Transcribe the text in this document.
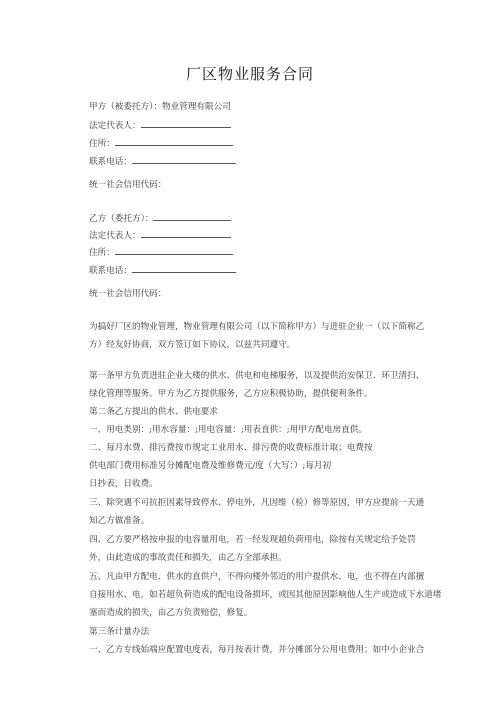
厂区物业服务合同
甲方（被委托方）：物业管理有限公司
法定代表人：
住所：
联系电话：
统一社会信用代码：
乙方（委托方）：
法定代表人：
住所：
联系电话：
统一社会信用代码：
为搞好厂区的物业管理，物业管理有限公司（以下简称甲方）与进驻企业一（以下简称乙
方）经友好协商，双方签订如下协议，以兹共同遵守。
第一条甲方负责进驻企业大楼的供水、供电和电梯服务，以及提供治安保卫、环卫清扫、
绿化管理等服务。甲方为乙方提供服务，乙方应积极协助，提供便利条件。
第二条乙方提出的供水、供电要求
一、用电类别：;用水容量：;用电容量：;用表直供：;用甲方配电房直供。
二、每月水费、排污费按市规定工业用水、排污费的收费标准计取；电费按
供电部门费用标准另分摊配电费及维修费元/度（大写：）;每月初
日抄表，日收费。
三、除突遇不可抗拒因素导致停水、停电外，凡因维（检）修等原因，甲方应提前一天通
知乙方做准备。
四、乙方要严格按申报的电容量用电，若一经发现超负荷用电，除按有关规定给予处罚
外，由此造成的事故责任和损失，由乙方全部承担。
五、凡由甲方配电、供水的直供户，不得向楼外邻近的用户提供水、电，也不得在内部擅
自接用水、电，如若超负荷造成的配电设备损坏，或因其他原因影响他人生产或造成下水道堵
塞而造成的损失，由乙方负责赔偿，修复。
第三条计量办法
一、乙方专线始端应配置电度表，每月按表计费，并分摊部分公用电费用；如中小企业合
